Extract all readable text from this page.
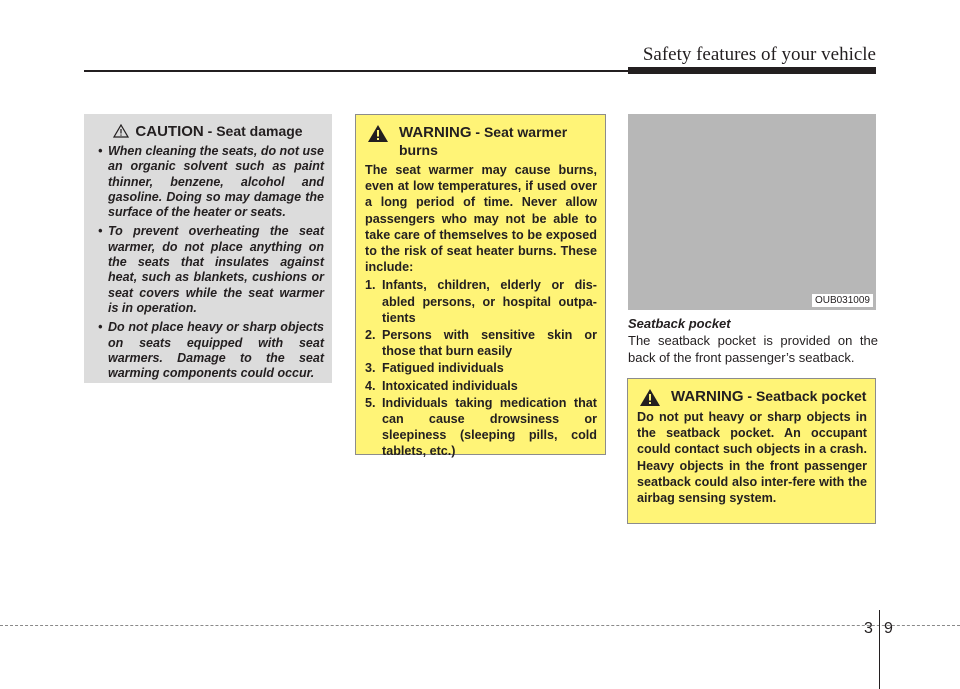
Safety features of your vehicle
CAUTION - Seat damage
• When cleaning the seats, do not use an organic solvent such as paint thinner, benzene, alcohol and gasoline. Doing so may damage the surface of the heater or seats.
• To prevent overheating the seat warmer, do not place anything on the seats that insulates against heat, such as blankets, cushions or seat covers while the seat warmer is in operation.
• Do not place heavy or sharp objects on seats equipped with seat warmers. Damage to the seat warming components could occur.
WARNING - Seat warmer burns

The seat warmer may cause burns, even at low temperatures, if used over a long period of time. Never allow passengers who may not be able to take care of themselves to be exposed to the risk of seat heater burns. These include:

1. Infants, children, elderly or dis-abled persons, or hospital outpa-tients
2. Persons with sensitive skin or those that burn easily
3. Fatigued individuals
4. Intoxicated individuals
5. Individuals taking medication that can cause drowsiness or sleepiness (sleeping pills, cold tablets, etc.)
OUB031009
Seatback pocket
The seatback pocket is provided on the back of the front passenger’s seatback.
WARNING - Seatback pocket

Do not put heavy or sharp objects in the seatback pocket. An occupant could contact such objects in a crash. Heavy objects in the front passenger seatback could also inter-fere with the airbag sensing system.

3 9
